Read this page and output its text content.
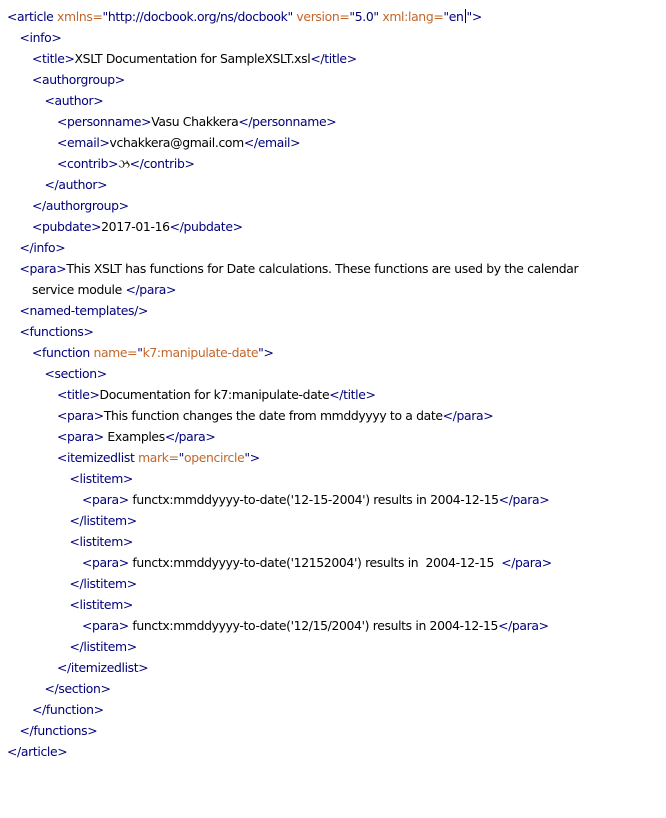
<article xmlns="http://docbook.org/ns/docbook" version="5.0" xml:lang="en ">
<info>
<title>XSLT Documentation for SampleXSLT.xsl</title>
<authorgroup>
<author>
<personname>Vasu Chakkera</personname>
<email>vchakkera@gmail.com</email>
<contrib>ઝ</contrib>
</author>
</authorgroup>
<pubdate>2017-01-16</pubdate>
</info>
<para>This XSLT has functions for Date calculations. These functions are used by the calendar
service module </para>
<named-templates/>
<functions>
<function name="k7:manipulate-date">
<section>
<title>Documentation for k7:manipulate-date</title>
<para>This function changes the date from mmddyyyy to a date</para>
<para> Examples</para>
<itemizedlist mark="opencircle">
<listitem>
<para> functx:mmddyyyy-to-date('12-15-2004') results in 2004-12-15</para>
</listitem>
<listitem>
<para> functx:mmddyyyy-to-date('12152004') results in  2004-12-15  </para>
</listitem>
<listitem>
<para> functx:mmddyyyy-to-date('12/15/2004') results in 2004-12-15</para>
</listitem>
</itemizedlist>
</section>
</function>
</functions>
</article>
